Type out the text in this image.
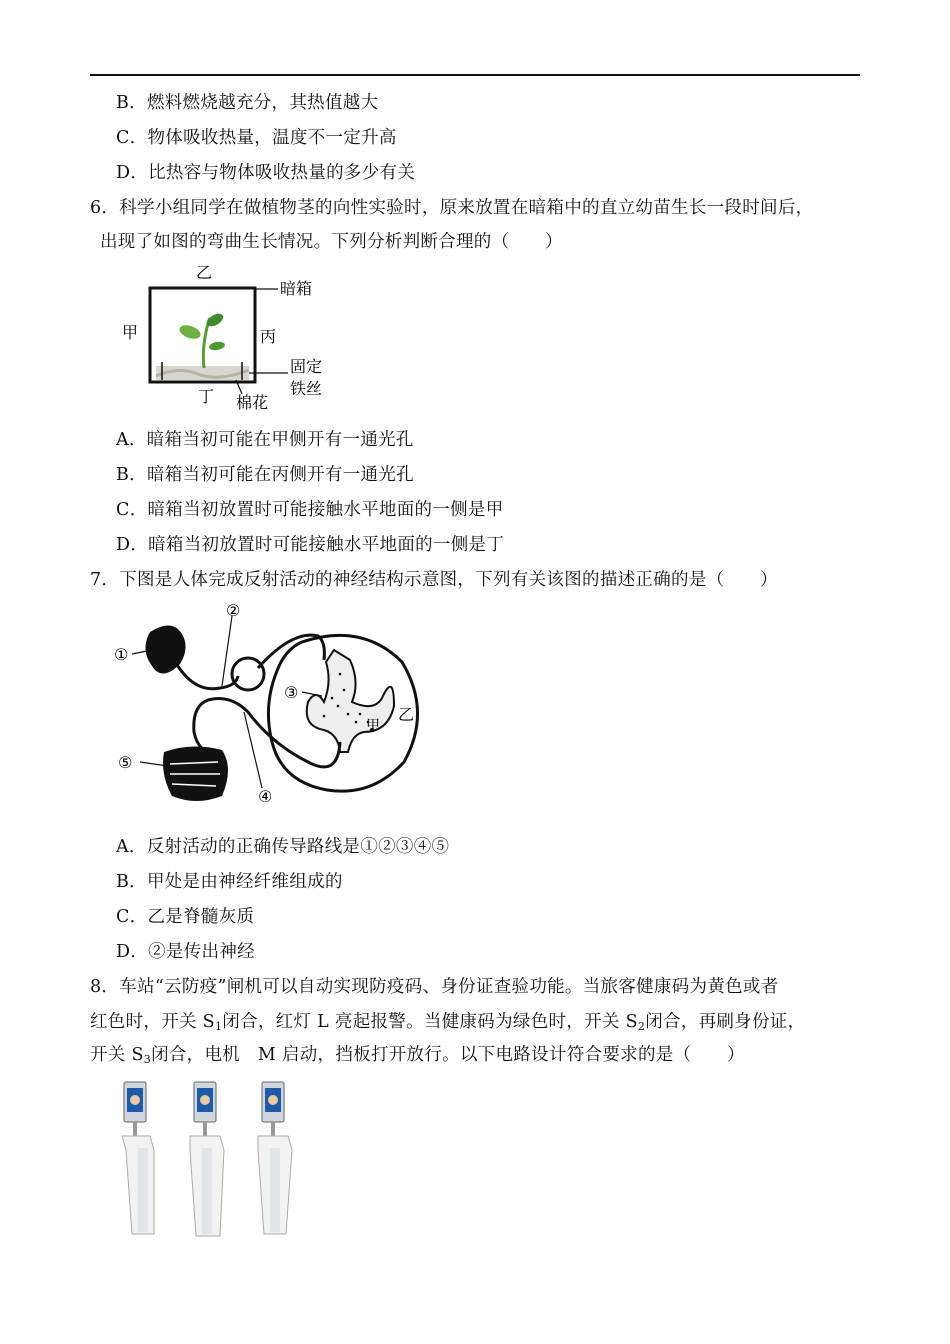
B．燃料燃烧越充分，其热值越大
C．物体吸收热量，温度不一定升高
D．比热容与物体吸收热量的多少有关
6．科学小组同学在做植物茎的向性实验时，原来放置在暗箱中的直立幼苗生长一段时间后，
出现了如图的弯曲生长情况。下列分析判断合理的（　　）
乙
甲	丙
丁
暗箱
固定
铁丝
棉花
A．暗箱当初可能在甲侧开有一通光孔
B．暗箱当初可能在丙侧开有一通光孔
C．暗箱当初放置时可能接触水平地面的一侧是甲
D．暗箱当初放置时可能接触水平地面的一侧是丁
7．下图是人体完成反射活动的神经结构示意图，下列有关该图的描述正确的是（　　）
①
②
③
④
⑤
甲
乙
A．反射活动的正确传导路线是①②③④⑤
B．甲处是由神经纤维组成的
C．乙是脊髓灰质
D．②是传出神经
8．车站“云防疫”闸机可以自动实现防疫码、身份证查验功能。当旅客健康码为黄色或者
红色时，开关 $S_1$闭合，红灯 L 亮起报警。当健康码为绿色时，开关 $S_2$闭合，再刷身份证，
开关 $S_3$闭合，电机　M 启动，挡板打开放行。以下电路设计符合要求的是（　　）
